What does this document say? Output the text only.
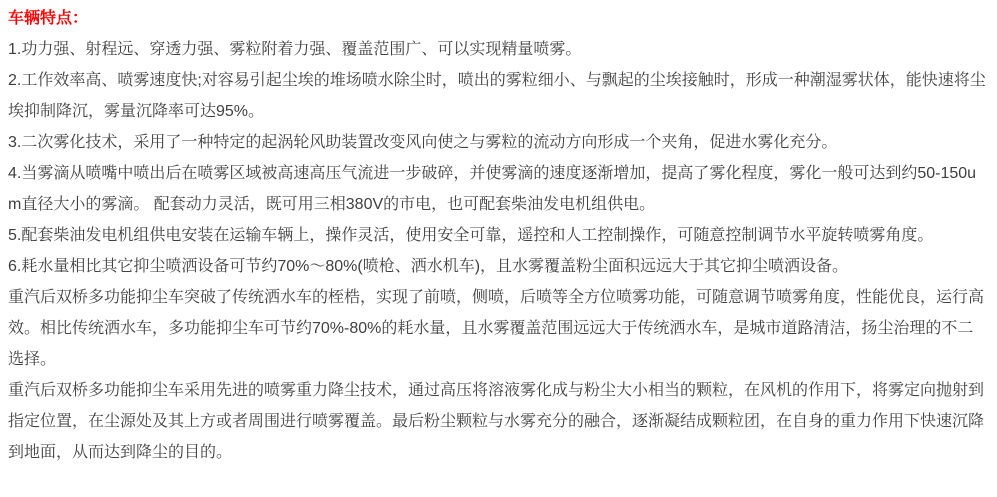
车辆特点：

1.功力强、射程远、穿透力强、雾粒附着力强、覆盖范围广、可以实现精量喷雾。

2.工作效率高、喷雾速度快;对容易引起尘埃的堆场喷水除尘时，喷出的雾粒细小、与飘起的尘埃接触时，形成一种潮湿雾状体，能快速将尘埃抑制降沉，雾量沉降率可达95%。

3.二次雾化技术，采用了一种特定的起涡轮风助装置改变风向使之与雾粒的流动方向形成一个夹角，促进水雾化充分。

4.当雾滴从喷嘴中喷出后在喷雾区域被高速高压气流进一步破碎，并使雾滴的速度逐渐增加，提高了雾化程度，雾化一般可达到约50-150um直径大小的雾滴。 配套动力灵活，既可用三相380V的市电，也可配套柴油发电机组供电。

5.配套柴油发电机组供电安装在运输车辆上，操作灵活，使用安全可靠，遥控和人工控制操作，可随意控制调节水平旋转喷雾角度。

6.耗水量相比其它抑尘喷洒设备可节约70%～80%(喷枪、洒水机车)，且水雾覆盖粉尘面积远远大于其它抑尘喷洒设备。

重汽后双桥多功能抑尘车突破了传统洒水车的桎梏，实现了前喷，侧喷，后喷等全方位喷雾功能，可随意调节喷雾角度，性能优良，运行高效。相比传统洒水车，多功能抑尘车可节约70%-80%的耗水量，且水雾覆盖范围远远大于传统洒水车，是城市道路清洁，扬尘治理的不二选择。

重汽后双桥多功能抑尘车采用先进的喷雾重力降尘技术，通过高压将溶液雾化成与粉尘大小相当的颗粒，在风机的作用下，将雾定向抛射到指定位置，在尘源处及其上方或者周围进行喷雾覆盖。最后粉尘颗粒与水雾充分的融合，逐渐凝结成颗粒团，在自身的重力作用下快速沉降到地面，从而达到降尘的目的。
